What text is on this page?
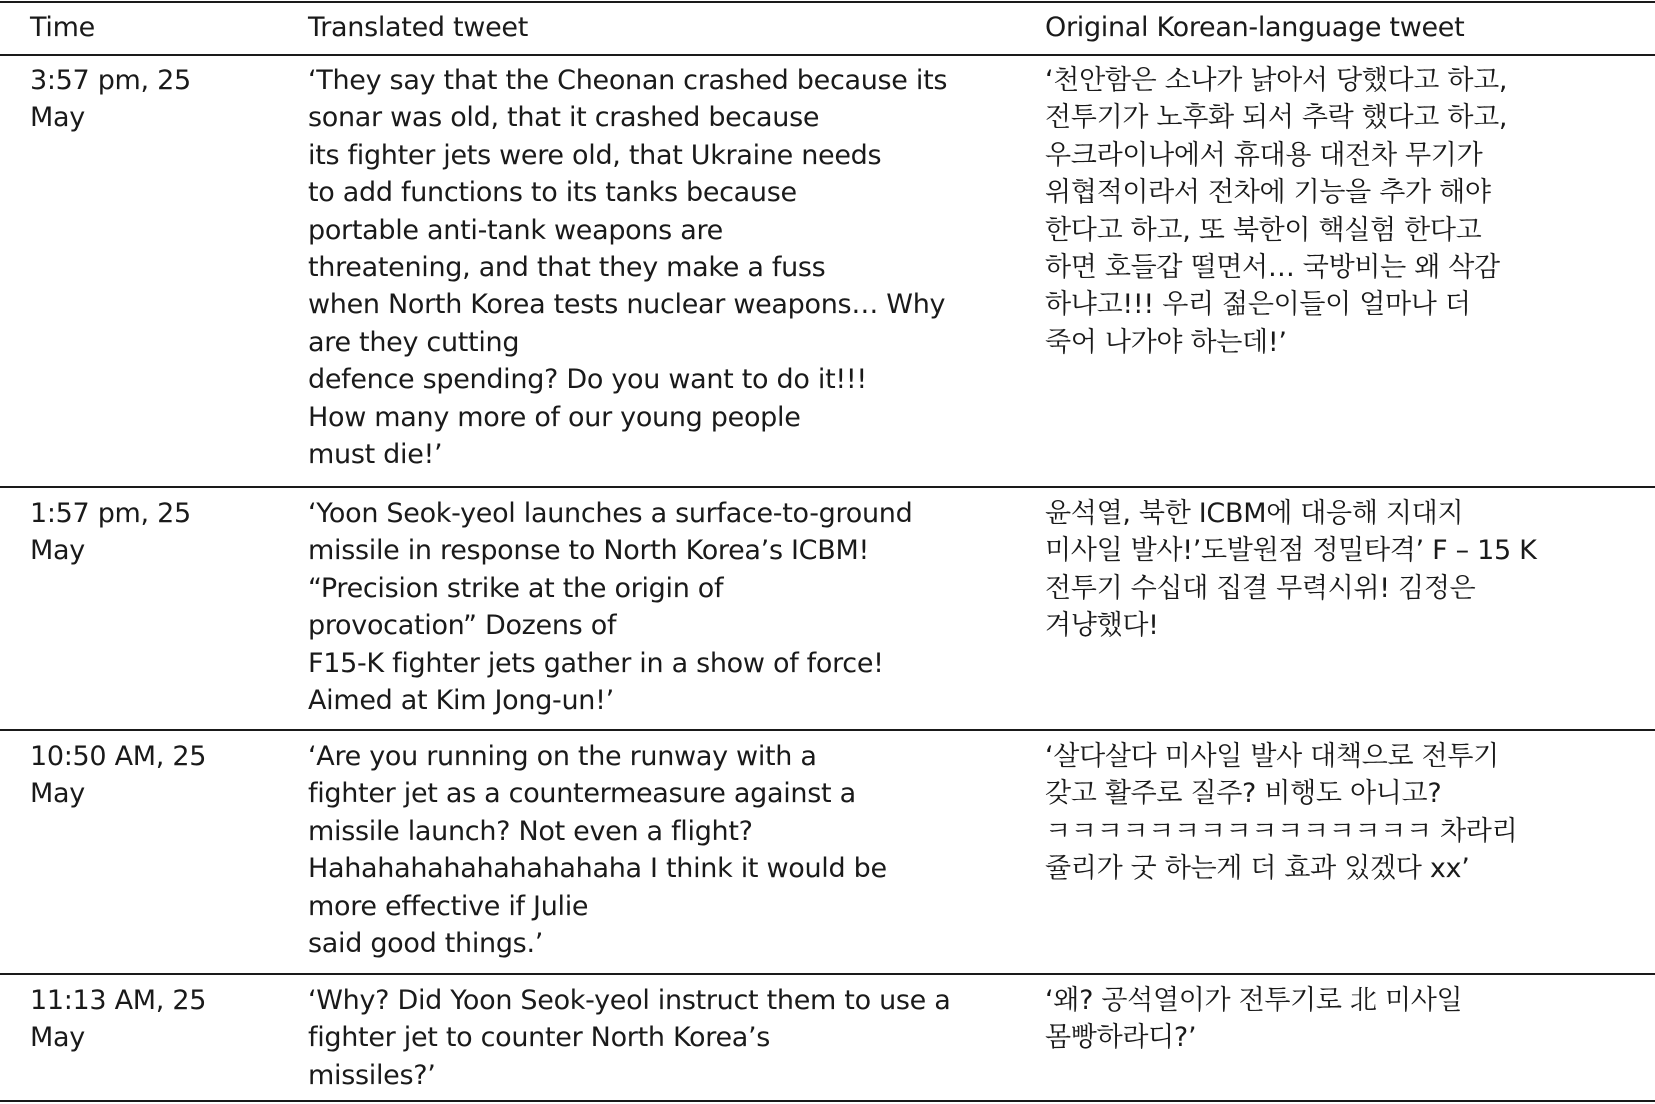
Time	Translated tweet	Original Korean-language tweet
3:57 pm, 25
May
‘They say that the Cheonan crashed because its
sonar was old, that it crashed because
its fighter jets were old, that Ukraine needs
to add functions to its tanks because
portable anti-tank weapons are
threatening, and that they make a fuss
when North Korea tests nuclear weapons… Why
are they cutting
defence spending? Do you want to do it!!!
How many more of our young people
must die!’
‘천안함은 소나가 낡아서 당했다고 하고,
전투기가 노후화 되서 추락 했다고 하고,
우크라이나에서 휴대용 대전차 무기가
위협적이라서 전차에 기능을 추가 해야
한다고 하고, 또 북한이 핵실험 한다고
하면 호들갑 떨면서… 국방비는 왜 삭감
하냐고!!! 우리 젊은이들이 얼마나 더
죽어 나가야 하는데!’
1:57 pm, 25
May
‘Yoon Seok-yeol launches a surface-to-ground
missile in response to North Korea’s ICBM!
“Precision strike at the origin of
provocation” Dozens of
F15-K fighter jets gather in a show of force!
Aimed at Kim Jong-un!’
윤석열, 북한 ICBM에 대응해 지대지
미사일 발사!’도발원점 정밀타격’ F – 15 K
전투기 수십대 집결 무력시위! 김정은
겨냥했다!
10:50 AM, 25
May
‘Are you running on the runway with a
fighter jet as a countermeasure against a
missile launch? Not even a flight?
Hahahahahahahahahaha I think it would be
more effective if Julie
said good things.’
‘살다살다 미사일 발사 대책으로 전투기
갖고 활주로 질주? 비행도 아니고?
ㅋㅋㅋㅋㅋㅋㅋㅋㅋㅋㅋㅋㅋㅋㅋ 차라리
쥴리가 굿 하는게 더 효과 있겠다 xx’
11:13 AM, 25
May
‘Why? Did Yoon Seok-yeol instruct them to use a
fighter jet to counter North Korea’s
missiles?’
‘왜? 공석열이가 전투기로 北 미사일
몸빵하라디?’
